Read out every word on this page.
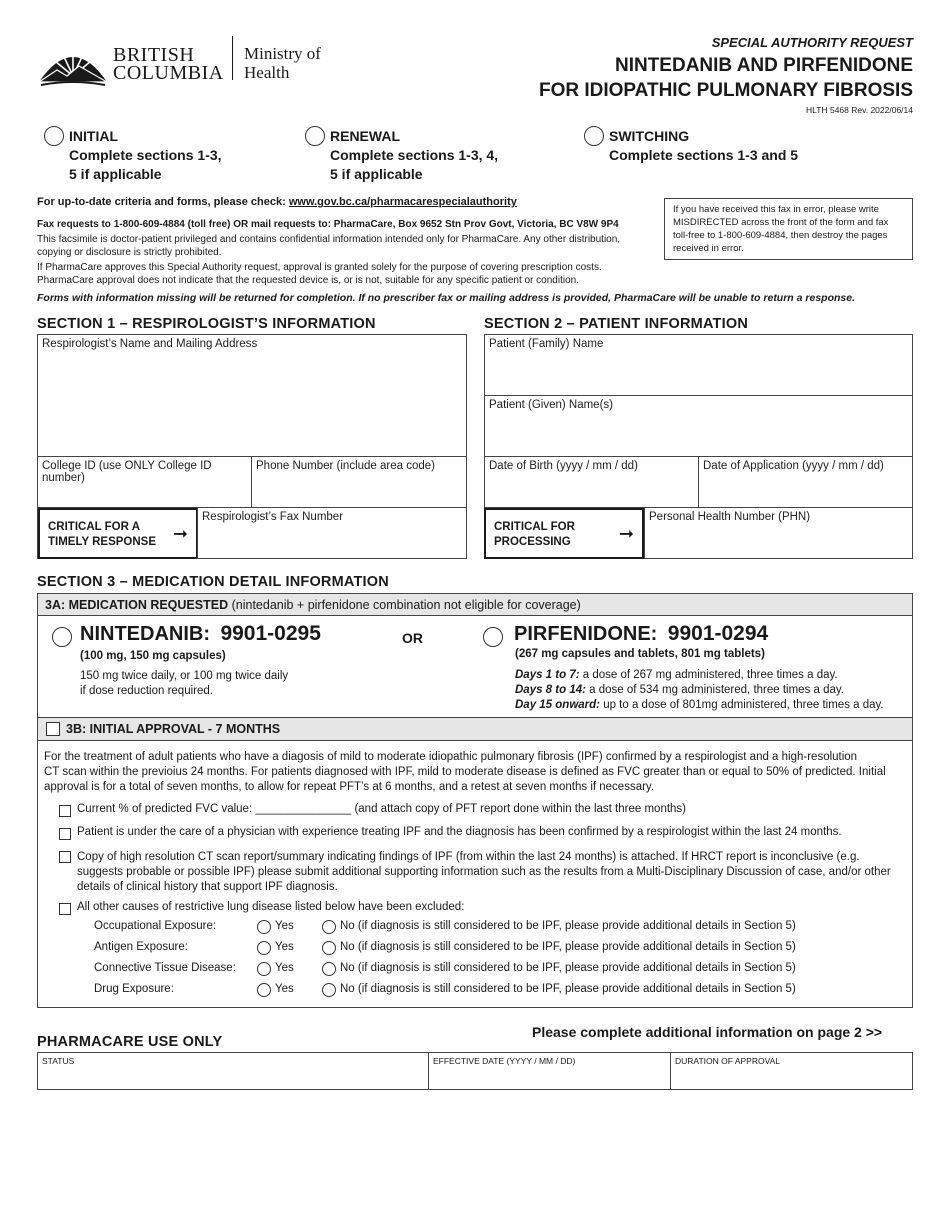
BRITISH
COLUMBIA
Ministry of
Health
SPECIAL AUTHORITY REQUEST
NINTEDANIB AND PIRFENIDONE
FOR IDIOPATHIC PULMONARY FIBROSIS
HLTH 5468 Rev. 2022/06/14
INITIAL
Complete sections 1-3,
5 if applicable
RENEWAL
Complete sections 1-3, 4,
5 if applicable
SWITCHING
Complete sections 1-3 and 5
For up-to-date criteria and forms, please check: www.gov.bc.ca/pharmacarespecialauthority
Fax requests to 1-800-609-4884 (toll free) OR mail requests to: PharmaCare, Box 9652 Stn Prov Govt, Victoria, BC V8W 9P4
This facsimile is doctor-patient privileged and contains confidential information intended only for PharmaCare. Any other distribution,
copying or disclosure is strictly prohibited.
If PharmaCare approves this Special Authority request, approval is granted solely for the purpose of covering prescription costs.
PharmaCare approval does not indicate that the requested device is, or is not, suitable for any specific patient or condition.
If you have received this fax in error, please write
MISDIRECTED across the front of the form and fax
toll-free to 1-800-609-4884, then destroy the pages
received in error.
Forms with information missing will be returned for completion. If no prescriber fax or mailing address is provided, PharmaCare will be unable to return a response.
SECTION 1 – RESPIROLOGIST’S INFORMATION
Respirologist’s Name and Mailing Address
College ID (use ONLY College ID number)
Phone Number (include area code)
CRITICAL FOR A
TIMELY RESPONSE ➞
Respirologist’s Fax Number
SECTION 2 – PATIENT INFORMATION
Patient (Family) Name
Patient (Given) Name(s)
Date of Birth (yyyy / mm / dd)	Date of Application (yyyy / mm / dd)
CRITICAL FOR
PROCESSING	➞
Personal Health Number (PHN)
SECTION 3 – MEDICATION DETAIL INFORMATION
3A: MEDICATION REQUESTED (nintedanib + pirfenidone combination not eligible for coverage)
NINTEDANIB: 9901-0295
(100 mg, 150 mg capsules)
150 mg twice daily, or 100 mg twice daily
if dose reduction required.
OR	PIRFENIDONE: 9901-0294
(267 mg capsules and tablets, 801 mg tablets)
Days 1 to 7: a dose of 267 mg administered, three times a day.
Days 8 to 14: a dose of 534 mg administered, three times a day.
Day 15 onward: up to a dose of 801mg administered, three times a day.
3B: INITIAL APPROVAL - 7 MONTHS
For the treatment of adult patients who have a diagosis of mild to moderate idiopathic pulmonary fibrosis (IPF) confirmed by a respirologist and a high-resolution
CT scan within the previoius 24 months. For patients diagnosed with IPF, mild to moderate disease is defined as FVC greater than or equal to 50% of predicted. Initial
approval is for a total of seven months, to allow for repeat PFT’s at 6 months, and a retest at seven months if necessary.
Current % of predicted FVC value: _______________ (and attach copy of PFT report done within the last three months)
Patient is under the care of a physician with experience treating IPF and the diagnosis has been confirmed by a respirologist within the last 24 months.
Copy of high resolution CT scan report/summary indicating findings of IPF (from within the last 24 months) is attached. If HRCT report is inconclusive (e.g.
suggests probable or possible IPF) please submit additional supporting information such as the results from a Multi-Disciplinary Discussion of case, and/or other
details of clinical history that support IPF diagnosis.
All other causes of restrictive lung disease listed below have been excluded:
Occupational Exposure:	Yes	No (if diagnosis is still considered to be IPF, please provide additional details in Section 5)
Antigen Exposure:	Yes	No (if diagnosis is still considered to be IPF, please provide additional details in Section 5)
Connective Tissue Disease:	Yes	No (if diagnosis is still considered to be IPF, please provide additional details in Section 5)
Drug Exposure:	Yes	No (if diagnosis is still considered to be IPF, please provide additional details in Section 5)
Please complete additional information on page 2 >>
PHARMACARE USE ONLY
STATUS	EFFECTIVE DATE (YYYY / MM / DD)	DURATION OF APPROVAL
